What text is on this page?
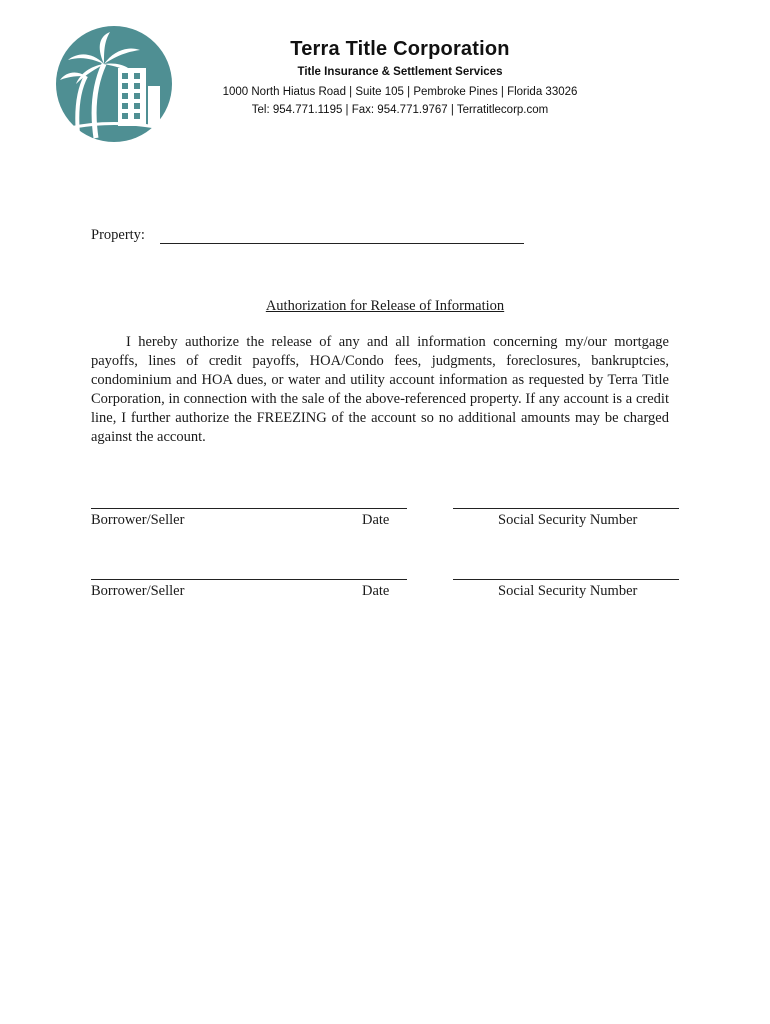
Terra Title Corporation
Title Insurance & Settlement Services
1000 North Hiatus Road | Suite 105 | Pembroke Pines | Florida 33026
Tel: 954.771.1195 | Fax: 954.771.9767 | Terratitlecorp.com
Property:
Authorization for Release of Information

I hereby authorize the release of any and all information concerning my/our mortgage payoffs, lines of credit payoffs, HOA/Condo fees, judgments, foreclosures, bankruptcies, condominium and HOA dues, or water and utility account information as requested by Terra Title Corporation, in connection with the sale of the above-referenced property. If any account is a credit line, I further authorize the FREEZING of the account so no additional amounts may be charged against the account.

Borrower/Seller	Date	Social Security Number
Borrower/Seller	Date	Social Security Number
